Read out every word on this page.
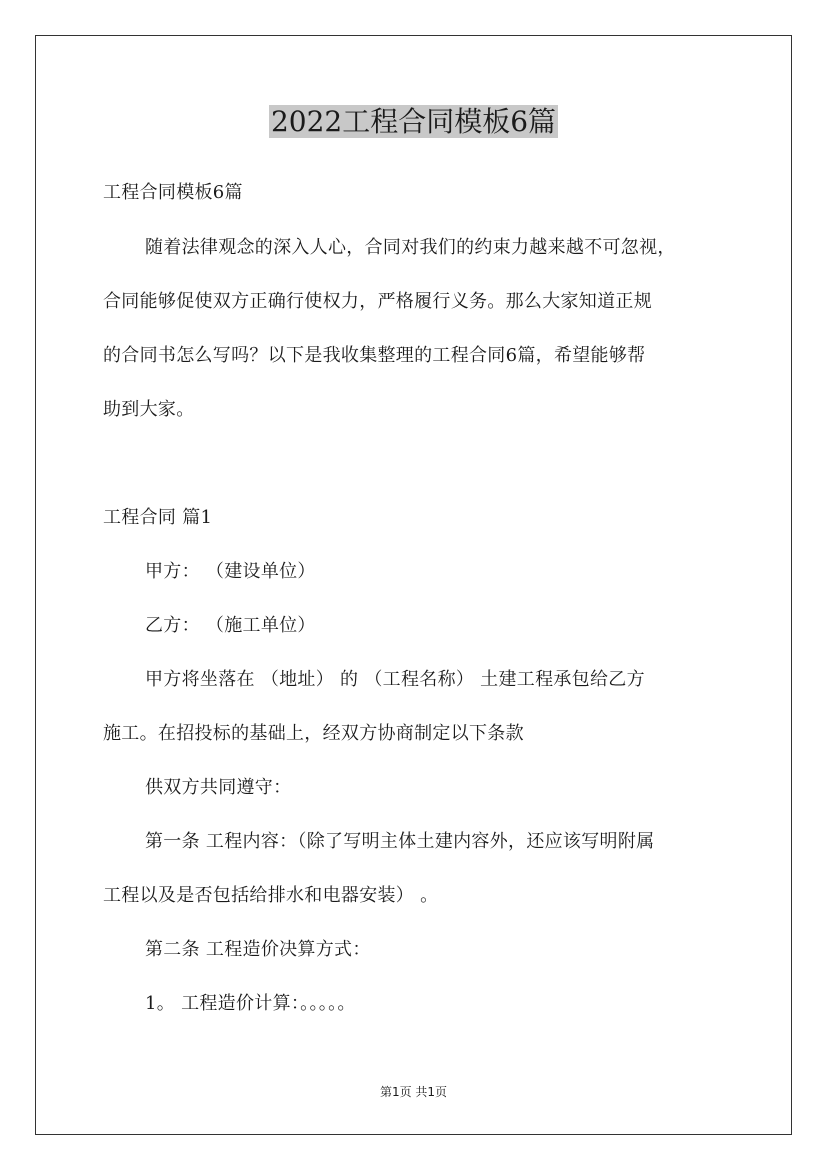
2022工程合同模板6篇

工程合同模板6篇

随着法律观念的深入人心，合同对我们的约束力越来越不可忽视，

合同能够促使双方正确行使权力，严格履行义务。那么大家知道正规

的合同书怎么写吗？以下是我收集整理的工程合同6篇，希望能够帮

助到大家。

工程合同 篇1

甲方： （建设单位）

乙方： （施工单位）

甲方将坐落在 （地址） 的 （工程名称） 土建工程承包给乙方

施工。在招投标的基础上，经双方协商制定以下条款

供双方共同遵守：

第一条 工程内容：（除了写明主体土建内容外，还应该写明附属

工程以及是否包括给排水和电器安装） 。

第二条 工程造价决算方式：

1。 工程造价计算：。。。。。

第1页 共1页
